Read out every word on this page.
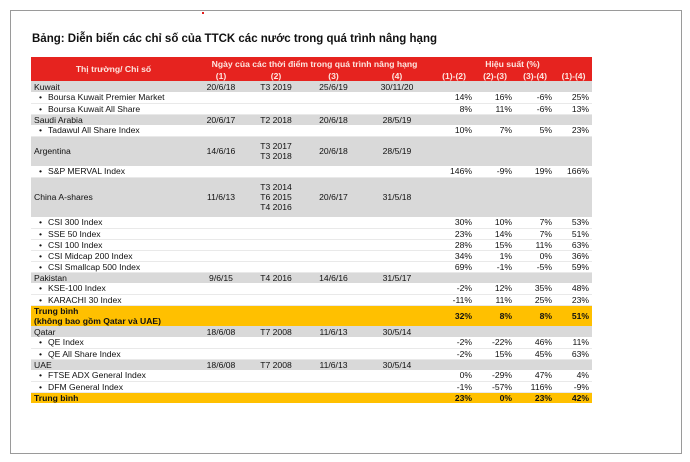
Bảng: Diễn biến các chỉ số của TTCK các nước trong quá trình nâng hạng
Thị trường/ Chỉ số	Ngày của các thời điểm trong quá trình nâng hạng				Hiệu suất (%)			
	(1)	(2)	(3)	(4)	(1)-(2)	(2)-(3)	(3)-(4)	(1)-(4)
Kuwait	20/6/18	T3 2019	25/6/19	30/11/20				
• Boursa Kuwait Premier Market					14%	16%	-6%	25%
• Boursa Kuwait All Share					8%	11%	-6%	13%
Saudi Arabia	20/6/17	T2 2018	20/6/18	28/5/19				
• Tadawul All Share Index					10%	7%	5%	23%
Argentina	14/6/16	T3 2017
T3 2018	20/6/18	28/5/19				
• S&P MERVAL Index					146%	-9%	19%	166%
China A-shares	11/6/13	T3 2014
T6 2015
T4 2016	20/6/17	31/5/18				
• CSI 300 Index					30%	10%	7%	53%
• SSE 50 Index					23%	14%	7%	51%
• CSI 100 Index					28%	15%	11%	63%
• CSI Midcap 200 Index					34%	1%	0%	36%
• CSI Smallcap 500 Index					69%	-1%	-5%	59%
Pakistan	9/6/15	T4 2016	14/6/16	31/5/17				
• KSE-100 Index					-2%	12%	35%	48%
• KARACHI 30 Index					-11%	11%	25%	23%
Trung bình
(không bao gồm Qatar và UAE)					32%	8%	8%	51%
Qatar	18/6/08	T7 2008	11/6/13	30/5/14				
• QE Index					-2%	-22%	46%	11%
• QE All Share Index					-2%	15%	45%	63%
UAE	18/6/08	T7 2008	11/6/13	30/5/14				
• FTSE ADX General Index					0%	-29%	47%	4%
• DFM General Index					-1%	-57%	116%	-9%
Trung bình					23%	0%	23%	42%
